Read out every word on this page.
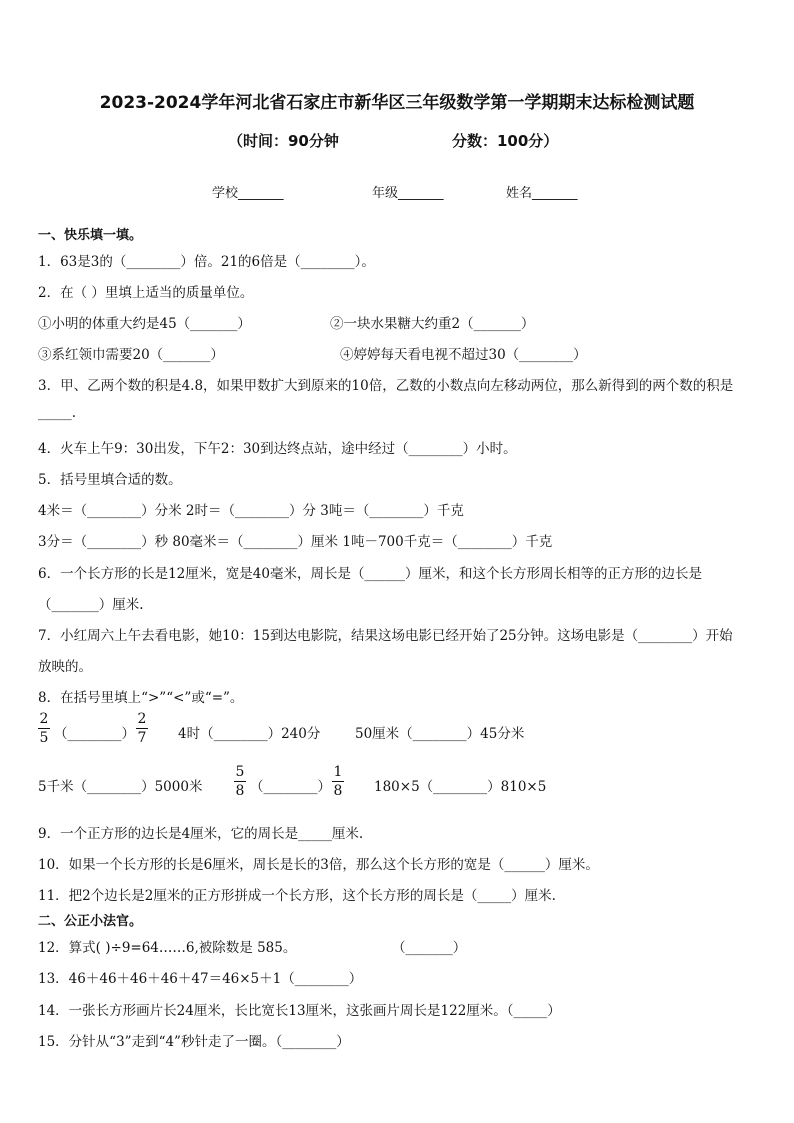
2023-2024学年河北省石家庄市新华区三年级数学第一学期期末达标检测试题
（时间：90分钟	分数：100分）
学校_______	年级_______	姓名_______
一、快乐填一填。
1．63是3的（________）倍。21的6倍是（________）。
2．在（ ）里填上适当的质量单位。
①小明的体重大约是45（_______）	②一块水果糖大约重2（_______）
③系红领巾需要20（_______）	④婷婷每天看电视不超过30（________）
3．甲、乙两个数的积是4.8，如果甲数扩大到原来的10倍，乙数的小数点向左移动两位，那么新得到的两个数的积是
_____.
4．火车上午9：30出发，下午2：30到达终点站，途中经过（________）小时。
5．括号里填合适的数。
4米＝（________）分米 2时＝（________）分 3吨＝（________）千克
3分＝（________）秒 80毫米＝（________）厘米 1吨－700千克＝（________）千克
6．一个长方形的长是12厘米，宽是40毫米，周长是（______）厘米，和这个长方形周长相等的正方形的边长是
（_______）厘米.
7．小红周六上午去看电影，她10：15到达电影院，结果这场电影已经开始了25分钟。这场电影是（________）开始
放映的。
8．在括号里填上“>”“<”或“=”。
2
5 （________）
2
7 4时（________）240分	50厘米（________）45分米
5千米（________）5000米
5
8 （________）
1
8 180×5（________）810×5
9．一个正方形的边长是4厘米，它的周长是_____厘米.
10．如果一个长方形的长是6厘米，周长是长的3倍，那么这个长方形的宽是（______）厘米。
11．把2个边长是2厘米的正方形拼成一个长方形，这个长方形的周长是（_____）厘米.
二、公正小法官。
12．算式( )÷9=64……6,被除数是 585。	（_______）
13．46＋46＋46＋46＋47＝46×5＋1（________）
14．一张长方形画片长24厘米，长比宽长13厘米，这张画片周长是122厘米。（_____）
15．分针从“3”走到“4”秒针走了一圈。（________）
